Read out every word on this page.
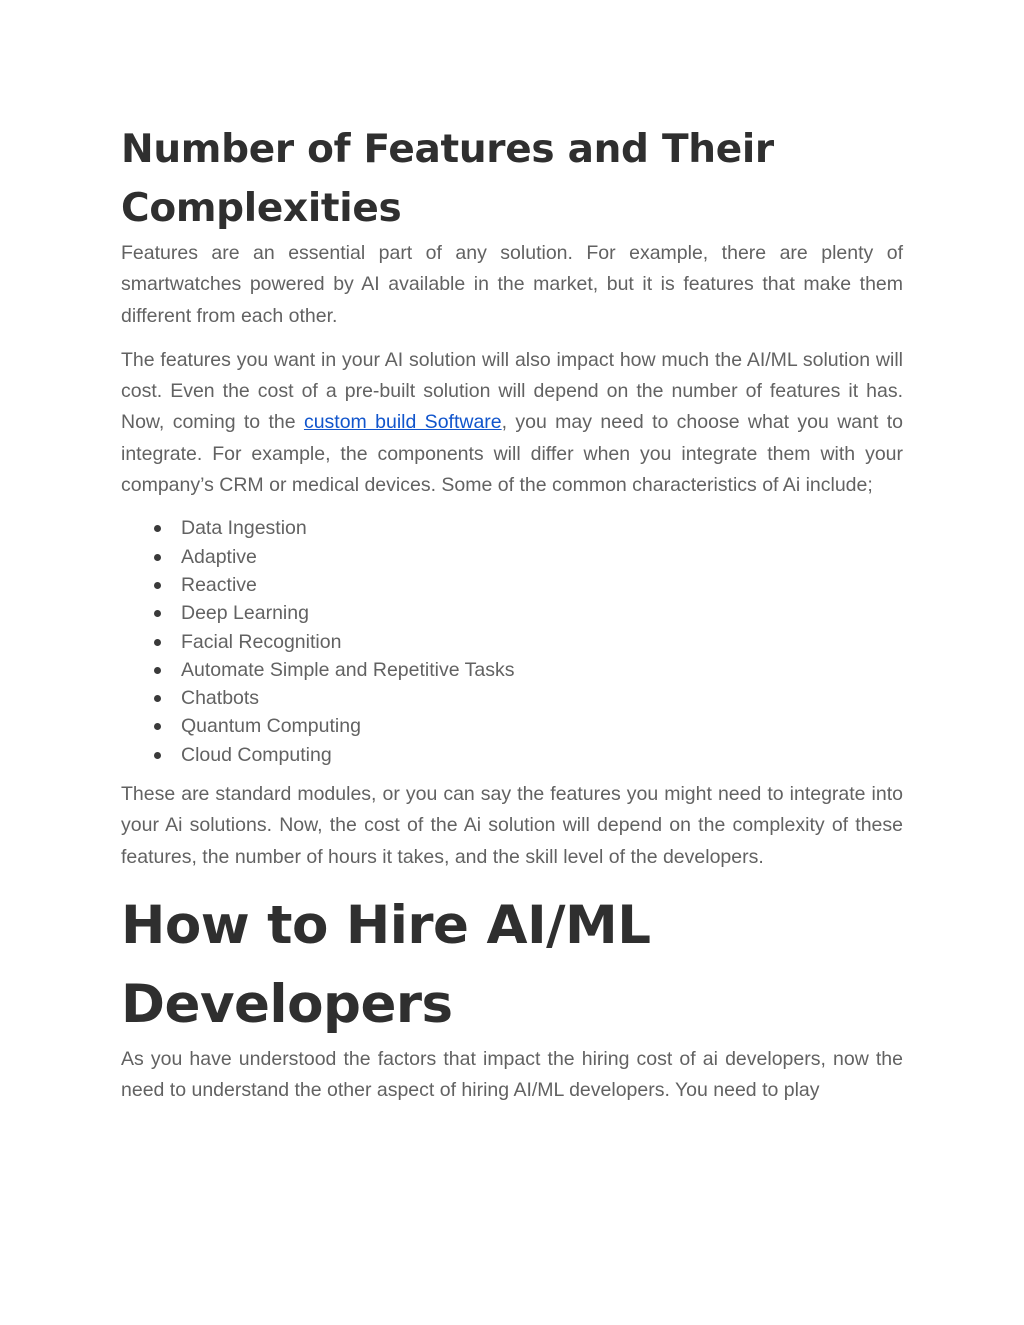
Number of Features and Their Complexities

Features are an essential part of any solution. For example, there are plenty of smartwatches powered by AI available in the market, but it is features that make them different from each other.

The features you want in your AI solution will also impact how much the AI/ML solution will cost. Even the cost of a pre-built solution will depend on the number of features it has. Now, coming to the custom build Software, you may need to choose what you want to integrate. For example, the components will differ when you integrate them with your company’s CRM or medical devices. Some of the common characteristics of Ai include;

Data Ingestion
Adaptive
Reactive
Deep Learning
Facial Recognition
Automate Simple and Repetitive Tasks
Chatbots
Quantum Computing
Cloud Computing

These are standard modules, or you can say the features you might need to integrate into your Ai solutions. Now, the cost of the Ai solution will depend on the complexity of these features, the number of hours it takes, and the skill level of the developers.

How to Hire AI/ML Developers

As you have understood the factors that impact the hiring cost of ai developers, now the need to understand the other aspect of hiring AI/ML developers. You need to play
